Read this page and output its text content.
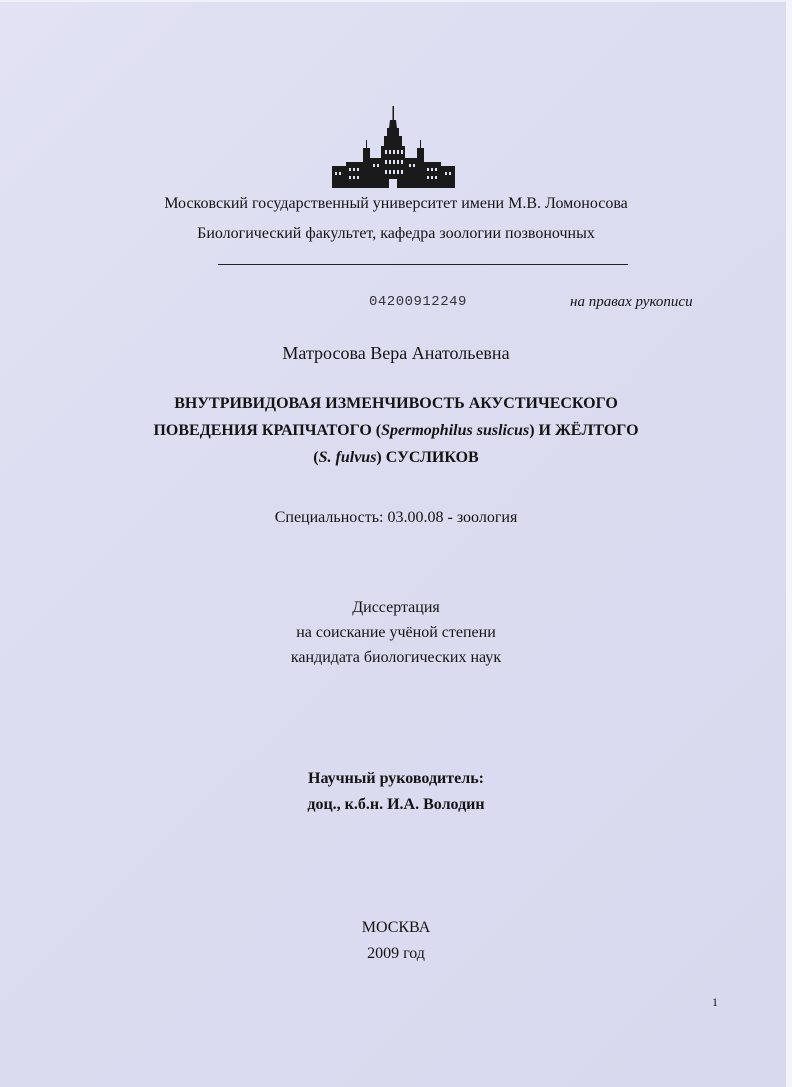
Московский государственный университет имени М.В. Ломоносова
Биологический факультет, кафедра зоологии позвоночных
04200912249	на правах рукописи
Матросова Вера Анатольевна
ВНУТРИВИДОВАЯ ИЗМЕНЧИВОСТЬ АКУСТИЧЕСКОГО
ПОВЕДЕНИЯ КРАПЧАТОГО (Spermophilus suslicus) И ЖЁЛТОГО
(S. fulvus) СУСЛИКОВ
Специальность: 03.00.08 - зоология
Диссертация
на соискание учёной степени
кандидата биологических наук
Научный руководитель:
доц., к.б.н. И.А. Володин
МОСКВА
2009 год
1
